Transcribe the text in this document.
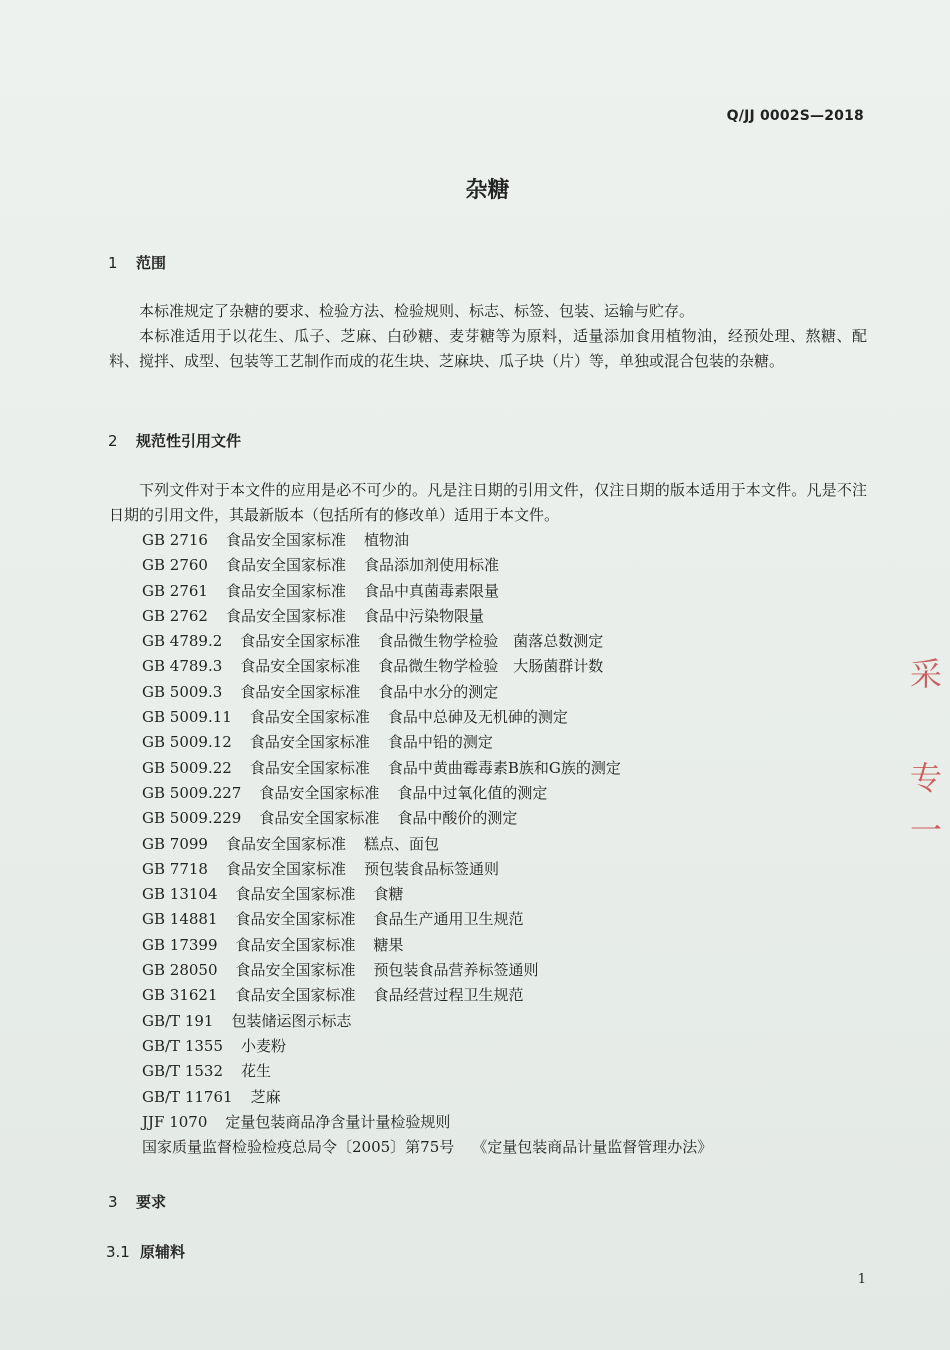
Q/JJ 0002S—2018
杂糖
1 范围

本标准规定了杂糖的要求、检验方法、检验规则、标志、标签、包装、运输与贮存。

本标准适用于以花生、瓜子、芝麻、白砂糖、麦芽糖等为原料，适量添加食用植物油，经预处理、熬糖、配料、搅拌、成型、包装等工艺制作而成的花生块、芝麻块、瓜子块（片）等，单独或混合包装的杂糖。

2 规范性引用文件

下列文件对于本文件的应用是必不可少的。凡是注日期的引用文件，仅注日期的版本适用于本文件。凡是不注日期的引用文件，其最新版本（包括所有的修改单）适用于本文件。

GB 2716 食品安全国家标准 植物油
GB 2760 食品安全国家标准 食品添加剂使用标准
GB 2761 食品安全国家标准 食品中真菌毒素限量
GB 2762 食品安全国家标准 食品中污染物限量
GB 4789.2 食品安全国家标准 食品微生物学检验　菌落总数测定
GB 4789.3 食品安全国家标准 食品微生物学检验　大肠菌群计数
GB 5009.3 食品安全国家标准 食品中水分的测定
GB 5009.11 食品安全国家标准 食品中总砷及无机砷的测定
GB 5009.12 食品安全国家标准 食品中铅的测定
GB 5009.22 食品安全国家标准 食品中黄曲霉毒素B族和G族的测定
GB 5009.227 食品安全国家标准 食品中过氧化值的测定
GB 5009.229 食品安全国家标准 食品中酸价的测定
GB 7099 食品安全国家标准 糕点、面包
GB 7718 食品安全国家标准 预包装食品标签通则
GB 13104 食品安全国家标准 食糖
GB 14881 食品安全国家标准 食品生产通用卫生规范
GB 17399 食品安全国家标准 糖果
GB 28050 食品安全国家标准 预包装食品营养标签通则
GB 31621 食品安全国家标准 食品经营过程卫生规范
GB/T 191 包装储运图示标志
GB/T 1355 小麦粉
GB/T 1532 花生
GB/T 11761 芝麻
JJF 1070 定量包装商品净含量计量检验规则
国家质量监督检验检疫总局令〔2005〕第75号 《定量包装商品计量监督管理办法》
3 要求
3.1 原辅料
采

专
一
1
